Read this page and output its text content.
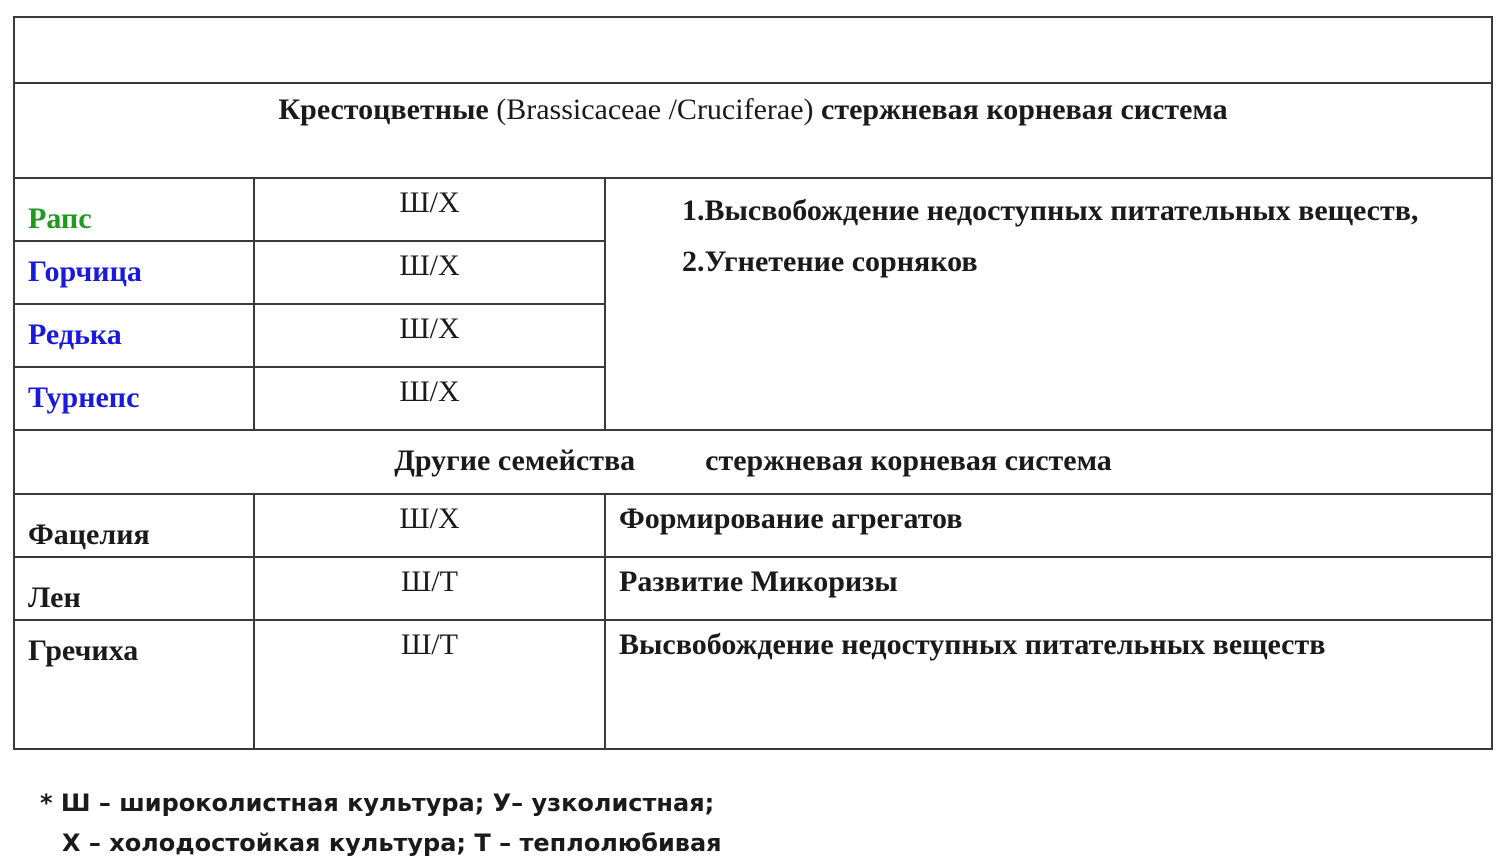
Крестоцветные (Brassicaceae /Cruciferae) стержневая корневая система		

Рапс	Ш/Х	1.Высвобождение недоступных питательных веществ,
2.Угнетение сорняков

Горчица	Ш/Х	

Редька	Ш/Х	

Турнепс	Ш/Х	

Другие семейства стержневая корневая система		

Фацелия	Ш/Х	Формирование агрегатов

Лен	Ш/Т	Развитие Микоризы

Гречиха	Ш/Т	Высвобождение недоступных питательных веществ
* Ш – широколистная культура; У– узколистная;
Х – холодостойкая культура; Т – теплолюбивая
